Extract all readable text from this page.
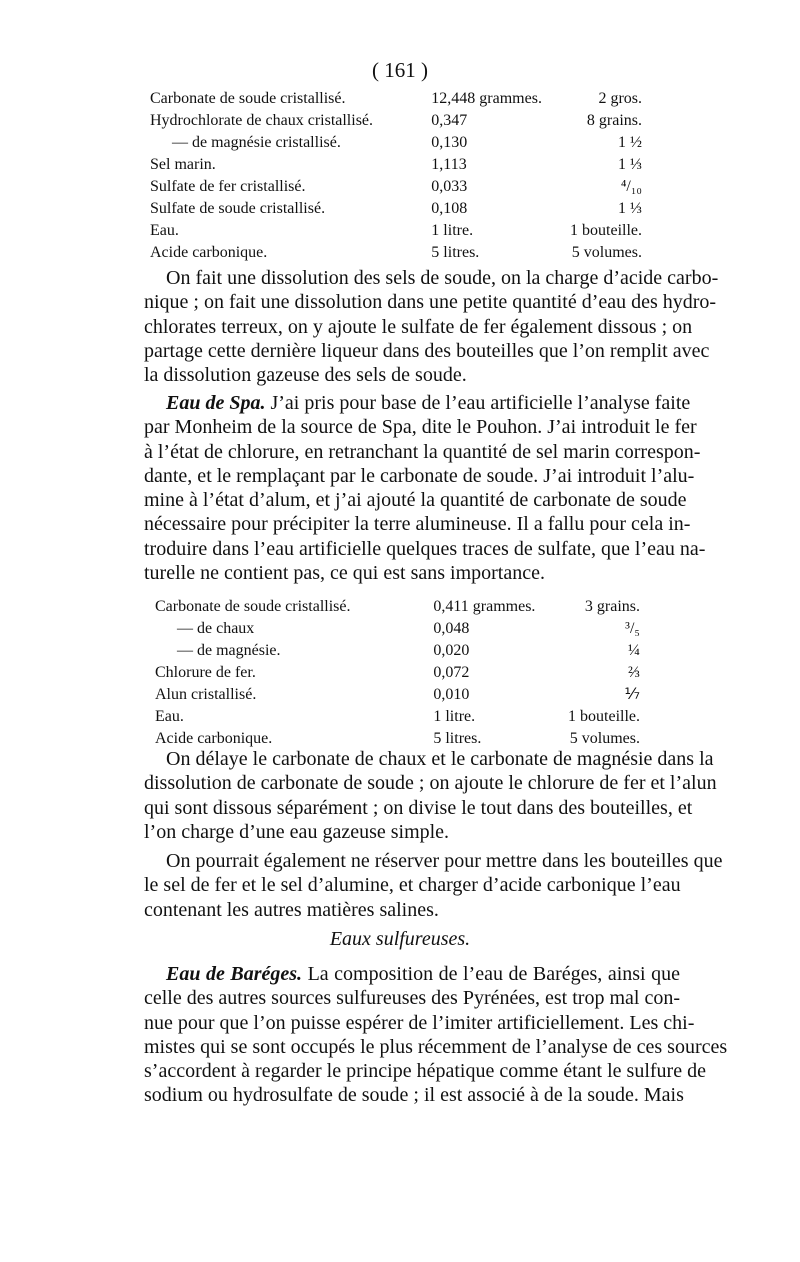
( 161 )
Carbonate de soude cristallisé.	12,448 grammes.	2 gros.
Hydrochlorate de chaux cristallisé.	0,347	8 grains.
— de magnésie cristallisé.	0,130	1 ½
Sel marin.	1,113	1 ⅓
Sulfate de fer cristallisé.	0,033	⁴/₁₀
Sulfate de soude cristallisé.	0,108	1 ⅓
Eau.	1 litre.	1 bouteille.
Acide carbonique.	5 litres.	5 volumes.
On fait une dissolution des sels de soude, on la charge d’acide carbo-
nique ; on fait une dissolution dans une petite quantité d’eau des hydro-
chlorates terreux, on y ajoute le sulfate de fer également dissous ; on
partage cette dernière liqueur dans des bouteilles que l’on remplit avec
la dissolution gazeuse des sels de soude.
Eau de Spa. J’ai pris pour base de l’eau artificielle l’analyse faite
par Monheim de la source de Spa, dite le Pouhon. J’ai introduit le fer
à l’état de chlorure, en retranchant la quantité de sel marin correspon-
dante, et le remplaçant par le carbonate de soude. J’ai introduit l’alu-
mine à l’état d’alum, et j’ai ajouté la quantité de carbonate de soude
nécessaire pour précipiter la terre alumineuse. Il a fallu pour cela in-
troduire dans l’eau artificielle quelques traces de sulfate, que l’eau na-
turelle ne contient pas, ce qui est sans importance.
Carbonate de soude cristallisé.	0,411 grammes.	3 grains.
— de chaux	0,048	³/₅
— de magnésie.	0,020	¼
Chlorure de fer.	0,072	⅔
Alun cristallisé.	0,010	⅐
Eau.	1 litre.	1 bouteille.
Acide carbonique.	5 litres.	5 volumes.
On délaye le carbonate de chaux et le carbonate de magnésie dans la
dissolution de carbonate de soude ; on ajoute le chlorure de fer et l’alun
qui sont dissous séparément ; on divise le tout dans des bouteilles, et
l’on charge d’une eau gazeuse simple.
On pourrait également ne réserver pour mettre dans les bouteilles que
le sel de fer et le sel d’alumine, et charger d’acide carbonique l’eau
contenant les autres matières salines.
Eaux sulfureuses.
Eau de Baréges. La composition de l’eau de Baréges, ainsi que
celle des autres sources sulfureuses des Pyrénées, est trop mal con-
nue pour que l’on puisse espérer de l’imiter artificiellement. Les chi-
mistes qui se sont occupés le plus récemment de l’analyse de ces sources
s’accordent à regarder le principe hépatique comme étant le sulfure de
sodium ou hydrosulfate de soude ; il est associé à de la soude. Mais
